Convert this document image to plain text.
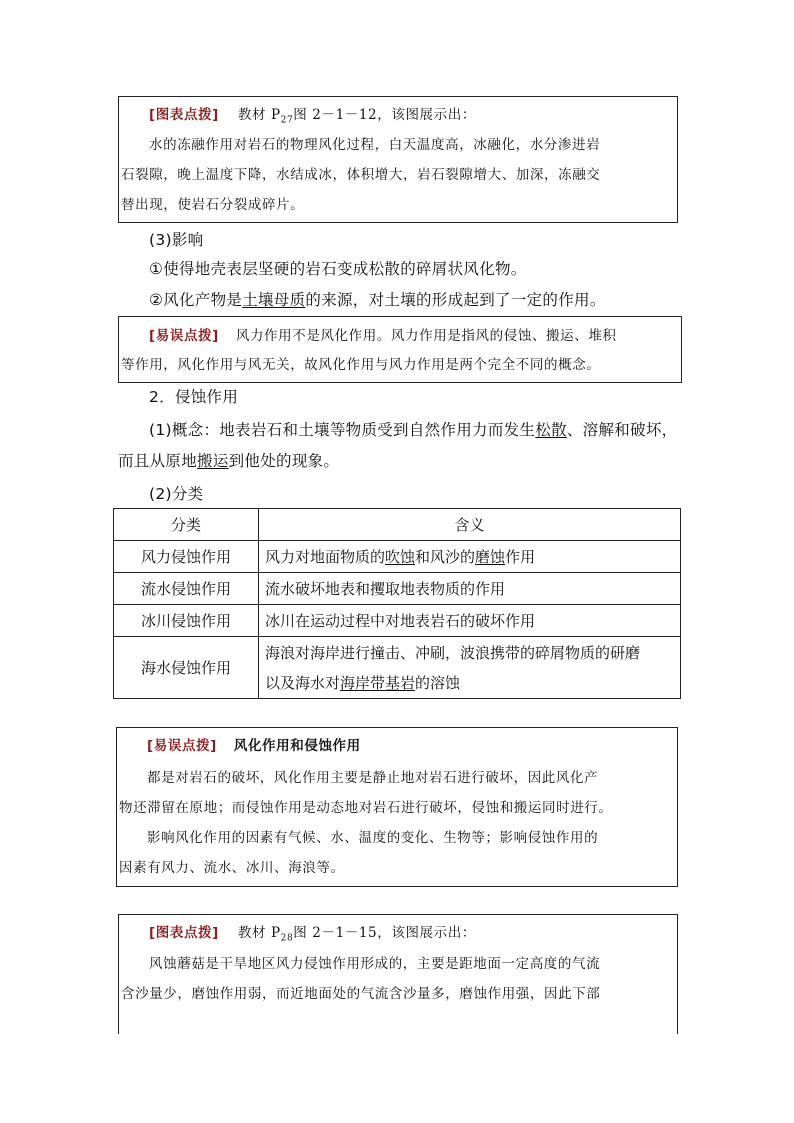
[图表点拨] 教材 $P_{27}$图 2－1－12，该图展示出：

水的冻融作用对岩石的物理风化过程，白天温度高，冰融化，水分渗进岩

石裂隙，晚上温度下降，水结成冰，体积增大，岩石裂隙增大、加深，冻融交

替出现，使岩石分裂成碎片。

(3)影响
①使得地壳表层坚硬的岩石变成松散的碎屑状风化物。
②风化产物是土壤母质的来源，对土壤的形成起到了一定的作用。

[易误点拨] 风力作用不是风化作用。风力作用是指风的侵蚀、搬运、堆积

等作用，风化作用与风无关，故风化作用与风力作用是两个完全不同的概念。

2．侵蚀作用
(1)概念：地表岩石和土壤等物质受到自然作用力而发生松散、溶解和破坏，
而且从原地搬运到他处的现象。
(2)分类
分类	含义
风力侵蚀作用	风力对地面物质的吹蚀和风沙的磨蚀作用
流水侵蚀作用	流水破坏地表和攫取地表物质的作用
冰川侵蚀作用	冰川在运动过程中对地表岩石的破坏作用
海水侵蚀作用	海浪对海岸进行撞击、冲刷，波浪携带的碎屑物质的研磨
以及海水对海岸带基岩的溶蚀

[易误点拨] 风化作用和侵蚀作用

都是对岩石的破坏，风化作用主要是静止地对岩石进行破坏，因此风化产

物还滞留在原地；而侵蚀作用是动态地对岩石进行破坏，侵蚀和搬运同时进行。

影响风化作用的因素有气候、水、温度的变化、生物等；影响侵蚀作用的

因素有风力、流水、冰川、海浪等。

[图表点拨] 教材 $P_{28}$图 2－1－15，该图展示出：

风蚀蘑菇是干旱地区风力侵蚀作用形成的，主要是距地面一定高度的气流

含沙量少，磨蚀作用弱，而近地面处的气流含沙量多，磨蚀作用强，因此下部
